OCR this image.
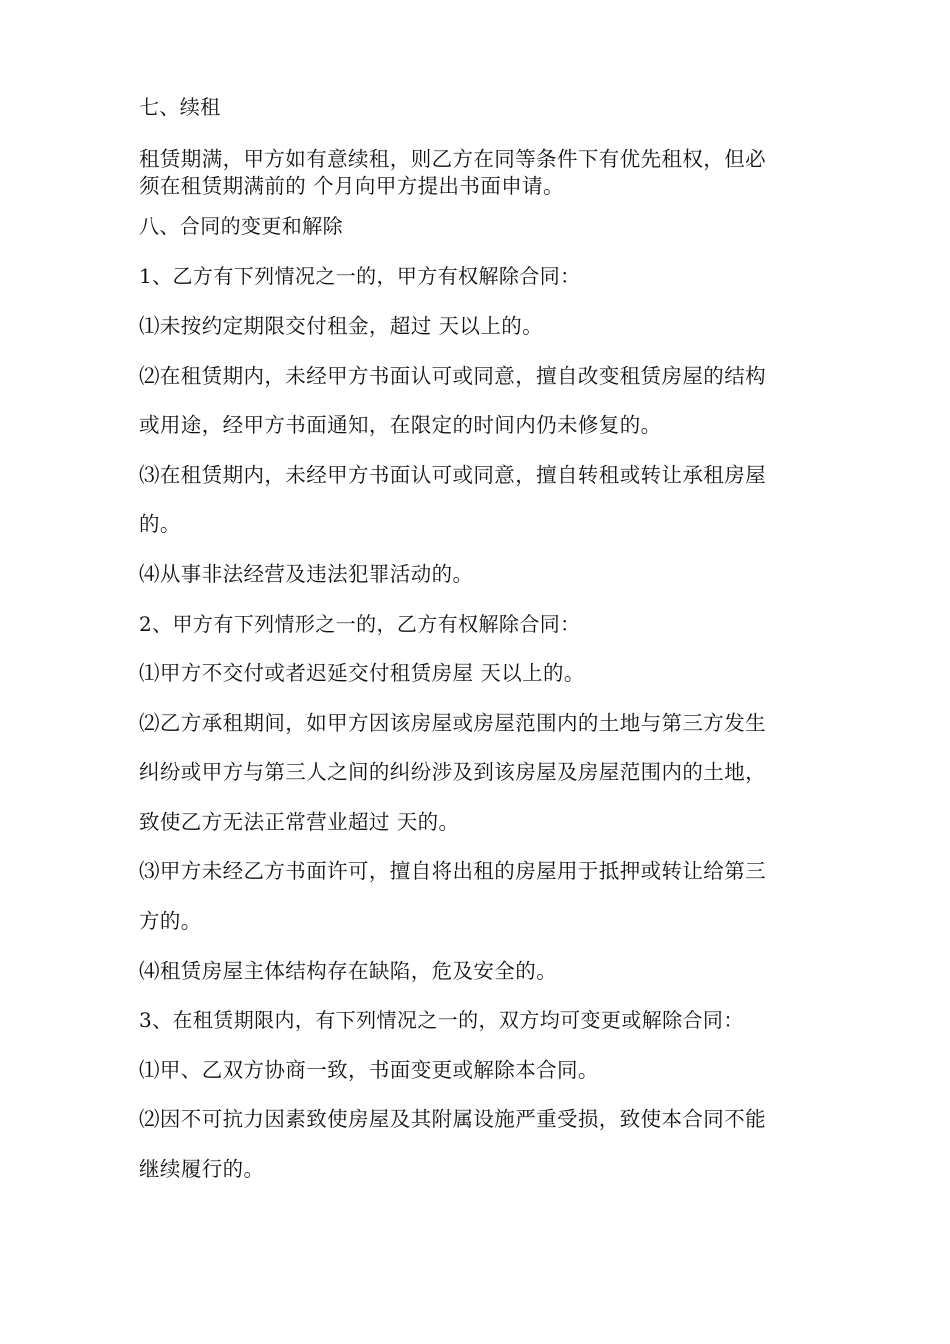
七、续租
租赁期满，甲方如有意续租，则乙方在同等条件下有优先租权，但必
须在租赁期满前的 个月向甲方提出书面申请。
八、合同的变更和解除
1、乙方有下列情况之一的，甲方有权解除合同：
⑴未按约定期限交付租金，超过 天以上的。
⑵在租赁期内，未经甲方书面认可或同意，擅自改变租赁房屋的结构
或用途，经甲方书面通知，在限定的时间内仍未修复的。
⑶在租赁期内，未经甲方书面认可或同意，擅自转租或转让承租房屋
的。
⑷从事非法经营及违法犯罪活动的。
2、甲方有下列情形之一的，乙方有权解除合同：
⑴甲方不交付或者迟延交付租赁房屋 天以上的。
⑵乙方承租期间，如甲方因该房屋或房屋范围内的土地与第三方发生
纠纷或甲方与第三人之间的纠纷涉及到该房屋及房屋范围内的土地，
致使乙方无法正常营业超过 天的。
⑶甲方未经乙方书面许可，擅自将出租的房屋用于抵押或转让给第三
方的。
⑷租赁房屋主体结构存在缺陷，危及安全的。
3、在租赁期限内，有下列情况之一的，双方均可变更或解除合同：
⑴甲、乙双方协商一致，书面变更或解除本合同。
⑵因不可抗力因素致使房屋及其附属设施严重受损，致使本合同不能
继续履行的。
